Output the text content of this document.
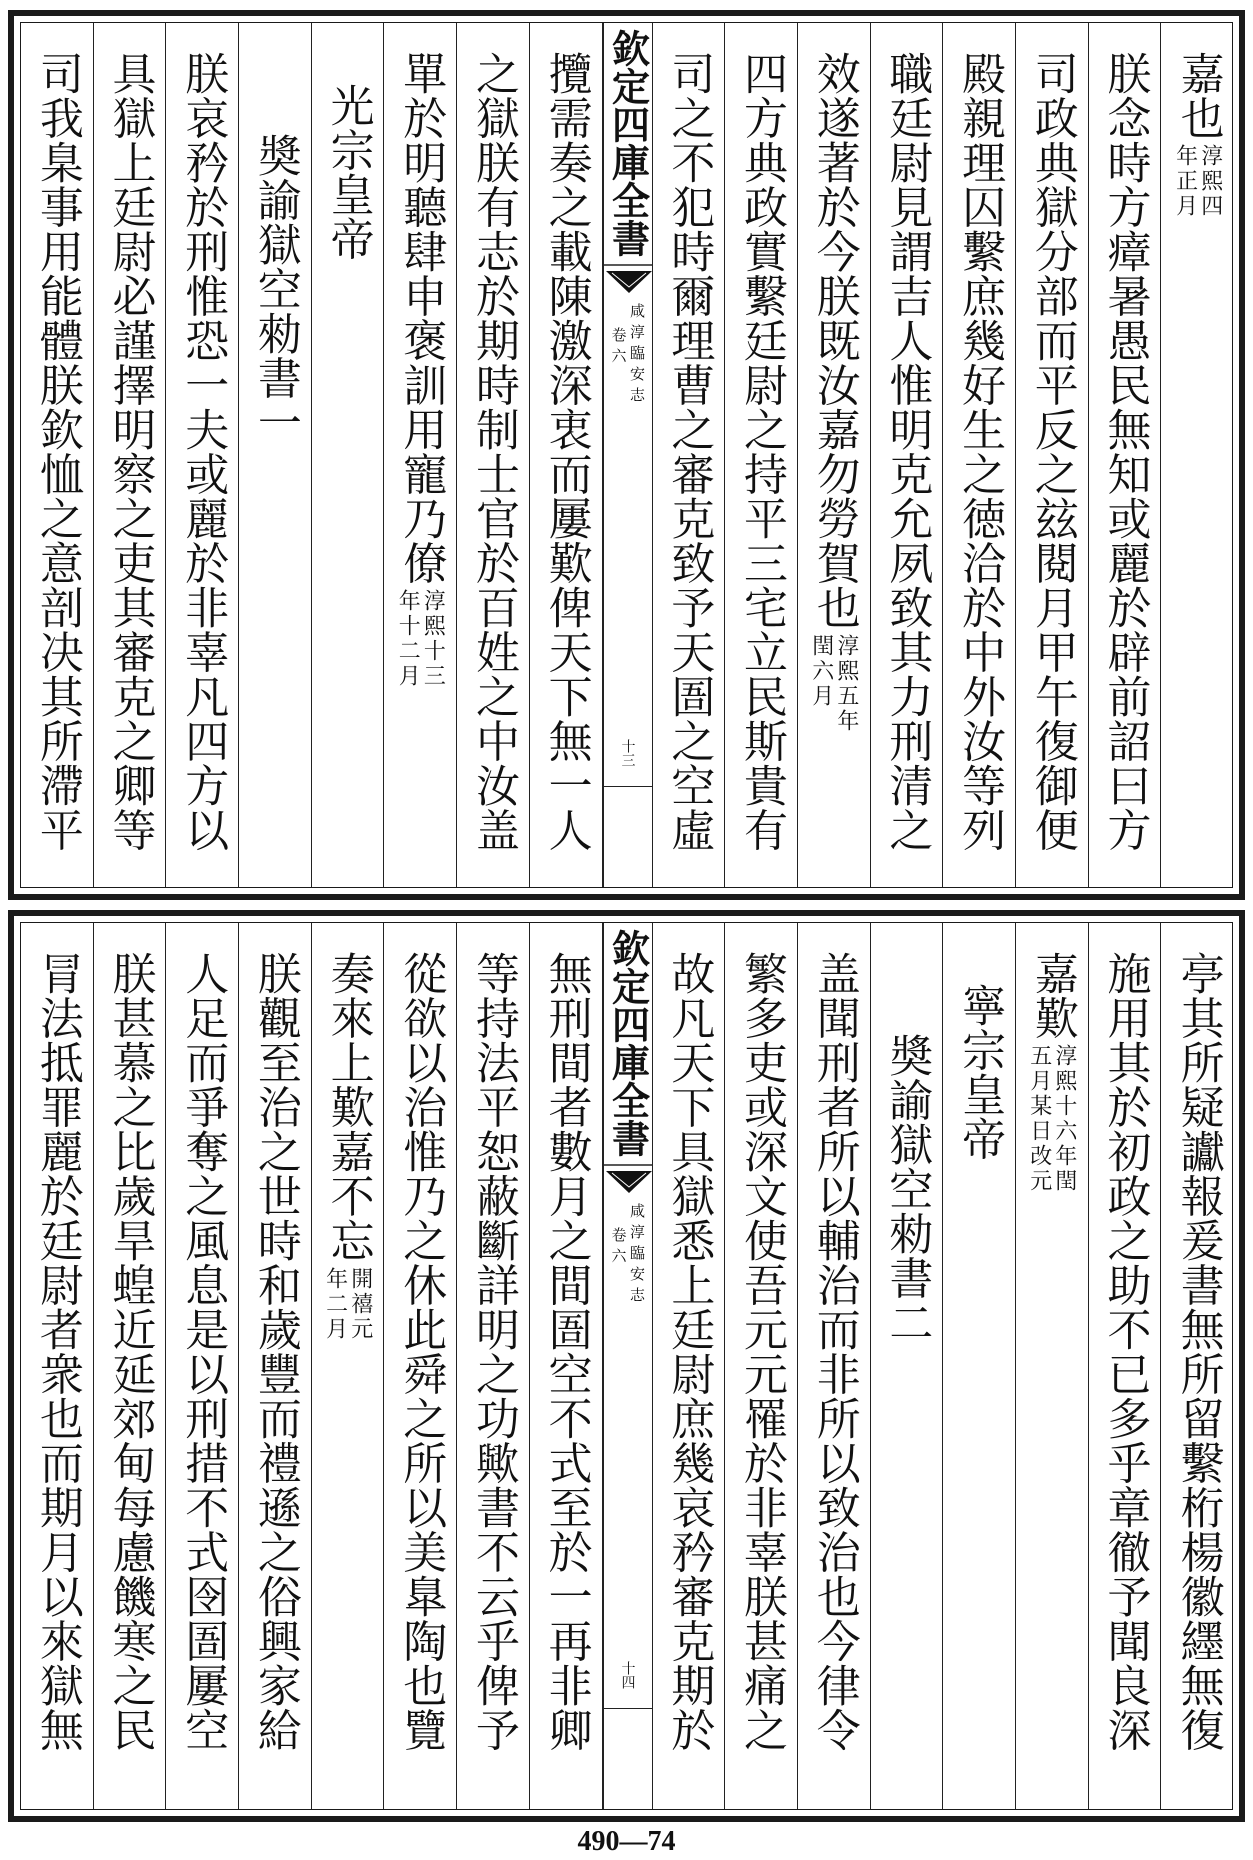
司我臬事用能體朕欽恤之意剖决其所滯平 具獄上廷尉必謹擇明察之吏其審克之卿等 朕哀矜於刑惟恐一夫或麗於非辜凡四方以 奬諭獄空勑書一 光宗皇帝 單於明聽肆申褒訓用寵乃僚
淳熙十三
年十二月 之獄朕有志於期時制士官於百姓之中汝盖 攬需奏之載陳激深衷而屢歎俾天下無一人 欽定四庫全書
咸淳臨安志
卷六
十三 司之不犯時爾理曹之審克致予天圄之空虛 四方典政實繫廷尉之持平三宅立民斯貴有 效遂著於今朕既汝嘉勿勞賀也
淳熙五年
閏六月 職廷尉見謂吉人惟明克允夙致其力刑清之 殿親理囚繫庶幾好生之徳洽於中外汝等列 司政典獄分部而平反之玆閱月甲午復御便 朕念時方瘴暑愚民無知或麗於辟前詔曰方 嘉也
淳熙四
年正月
冐法抵罪麗於廷尉者衆也而期月以來獄無 朕甚慕之比歲旱蝗近延郊甸每慮饑寒之民 人足而爭奪之風息是以刑措不式囹圄屢空 朕觀至治之世時和歲豐而禮遜之俗興家給 奏來上歎嘉不忘
開禧元
年二月 從欲以治惟乃之休此舜之所以美臯陶也覽 等持法平恕蔽斷詳明之功歟書不云乎俾予 無刑間者數月之間圄空不式至於一再非卿 欽定四庫全書
咸淳臨安志
卷六
十四 故凡天下具獄悉上廷尉庶幾哀矜審克期於 繁多吏或深文使吾元元罹於非辜朕甚痛之 盖聞刑者所以輔治而非所以致治也今律令 奬諭獄空勑書二 寧宗皇帝 嘉歎
淳熙十六年閏
五月某日改元 施用其於初政之助不已多乎章徹予聞良深 亭其所疑讞報爰書無所留繫桁楊徽纆無復
490—74
